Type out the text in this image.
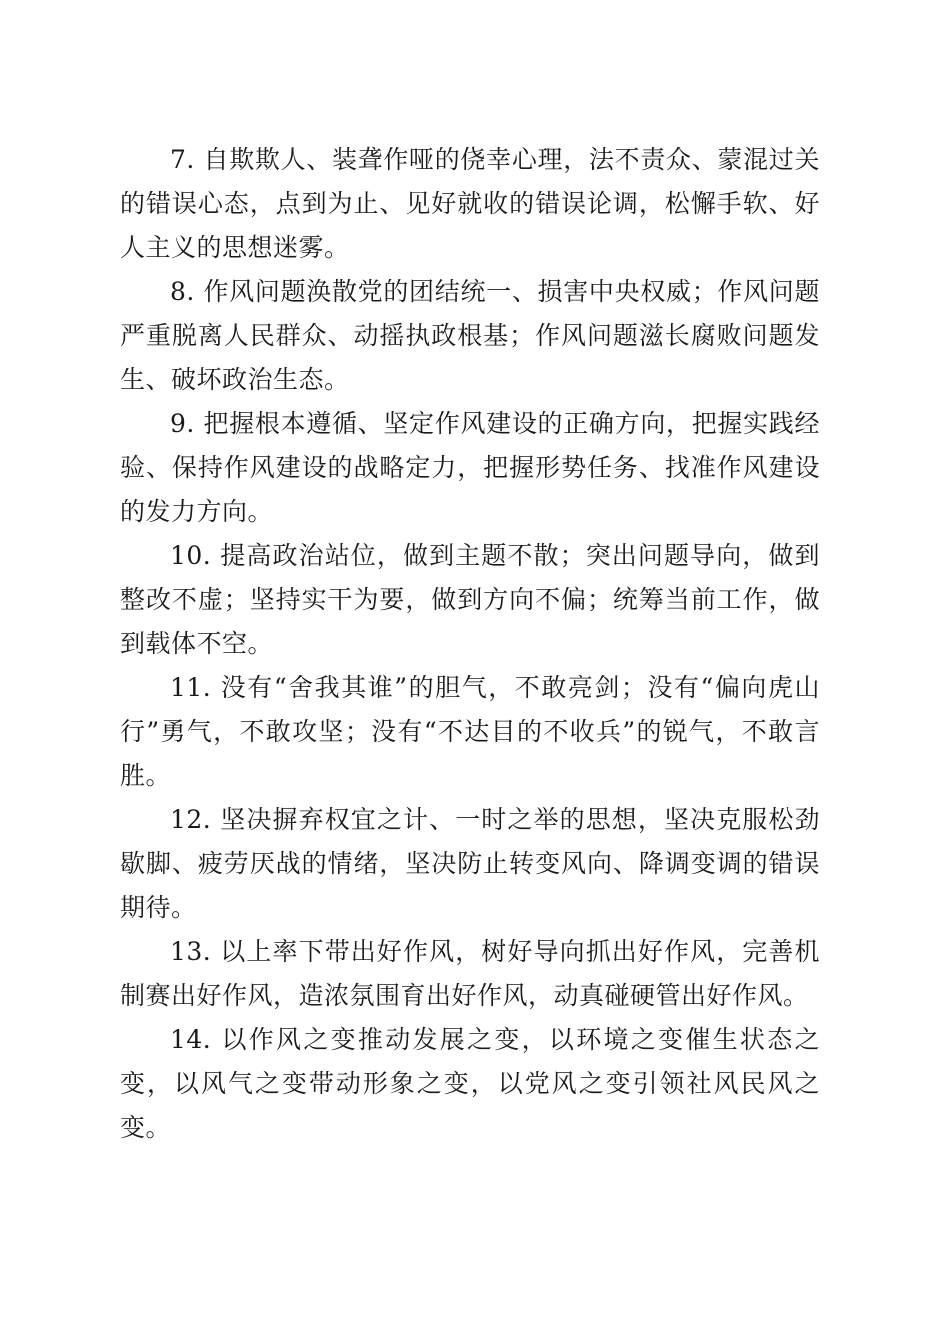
7. 自欺欺人、装聋作哑的侥幸心理，法不责众、蒙混过关的错误心态，点到为止、见好就收的错误论调，松懈手软、好人主义的思想迷雾。

8. 作风问题涣散党的团结统一、损害中央权威；作风问题严重脱离人民群众、动摇执政根基；作风问题滋长腐败问题发生、破坏政治生态。

9. 把握根本遵循、坚定作风建设的正确方向，把握实践经验、保持作风建设的战略定力，把握形势任务、找准作风建设的发力方向。

10. 提高政治站位，做到主题不散；突出问题导向，做到整改不虚；坚持实干为要，做到方向不偏；统筹当前工作，做到载体不空。

11. 没有“舍我其谁”的胆气，不敢亮剑；没有“偏向虎山行”勇气，不敢攻坚；没有“不达目的不收兵”的锐气，不敢言胜。

12. 坚决摒弃权宜之计、一时之举的思想，坚决克服松劲歇脚、疲劳厌战的情绪，坚决防止转变风向、降调变调的错误期待。

13. 以上率下带出好作风，树好导向抓出好作风，完善机制赛出好作风，造浓氛围育出好作风，动真碰硬管出好作风。

14. 以作风之变推动发展之变，以环境之变催生状态之变，以风气之变带动形象之变，以党风之变引领社风民风之变。
